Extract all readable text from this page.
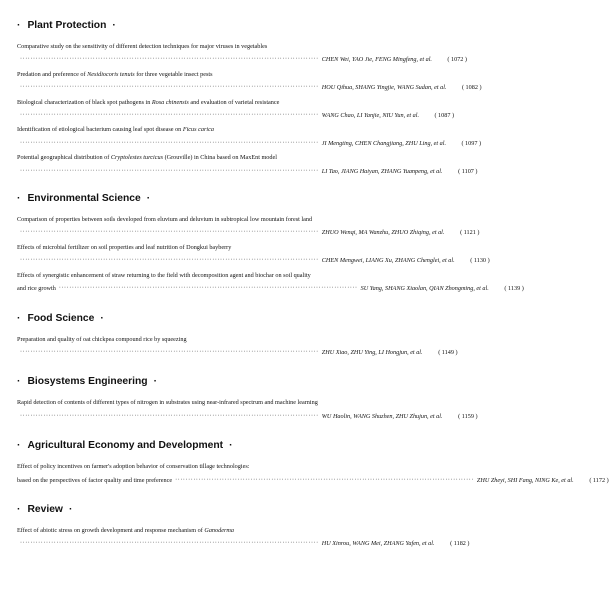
· Plant Protection ·
Comparative study on the sensitivity of different detection techniques for major viruses in vegetables
··················································································································· CHEN Wei, YAO Jie, FENG Mingfeng, et al.	( 1072 )
Predation and preference of Nesidiocoris tenuis for three vegetable insect pests
··················································································································· HOU Qihua, SHANG Yingjie, WANG Sudan, et al.	( 1082 )
Biological characterization of black spot pathogens in Rosa chinensis and evaluation of varietal resistance
··················································································································· WANG Chao, LI Yanjie, NIU Yun, et al.	( 1087 )
Identification of etiological bacterium causing leaf spot disease on Ficus carica
··················································································································· JI Mengting, CHEN Changjiang, ZHU Ling, et al.	( 1097 )
Potential geographical distribution of Cryptolestes turcicus (Grouville) in China based on MaxEnt model
··················································································································· LI Tao, JIANG Haiyan, ZHANG Yuanpeng, et al.	( 1107 )
· Environmental Science ·
Comparison of properties between soils developed from eluvium and deluvium in subtropical low mountain forest land
··················································································································· ZHUO Wenqi, MA Wanzhu, ZHUO Zhiqing, et al.	( 1121 )
Effects of microbial fertilizer on soil properties and leaf nutrition of Dongkui bayberry
··················································································································· CHEN Mengwei, LIANG Xu, ZHANG Chenglei, et al.	( 1130 )
Effects of synergistic enhancement of straw returning to the field with decomposition agent and biochar on soil quality
and rice growth ··················································································································· SU Yang, SHANG Xiaolan, QIAN Zhongming, et al.	( 1139 )
· Food Science ·
Preparation and quality of oat chickpea compound rice by squeezing
··················································································································· ZHU Xiao, ZHU Ying, LI Hongjun, et al.	( 1149 )
· Biosystems Engineering ·
Rapid detection of contents of different types of nitrogen in substrates using near-infrared spectrum and machine learning
··················································································································· WU Haolin, WANG Shuzhen, ZHU Zhujun, et al.	( 1159 )
· Agricultural Economy and Development ·
Effect of policy incentives on farmer's adoption behavior of conservation tillage technologies:
based on the perspectives of factor quality and time preference ··················································································································· ZHU Zheyi, SHI Fang, NING Ke, et al.	( 1172 )
· Review ·
Effect of abiotic stress on growth development and response mechanism of Ganoderma
··················································································································· HU Xinrou, WANG Mei, ZHANG Yafen, et al.	( 1182 )
